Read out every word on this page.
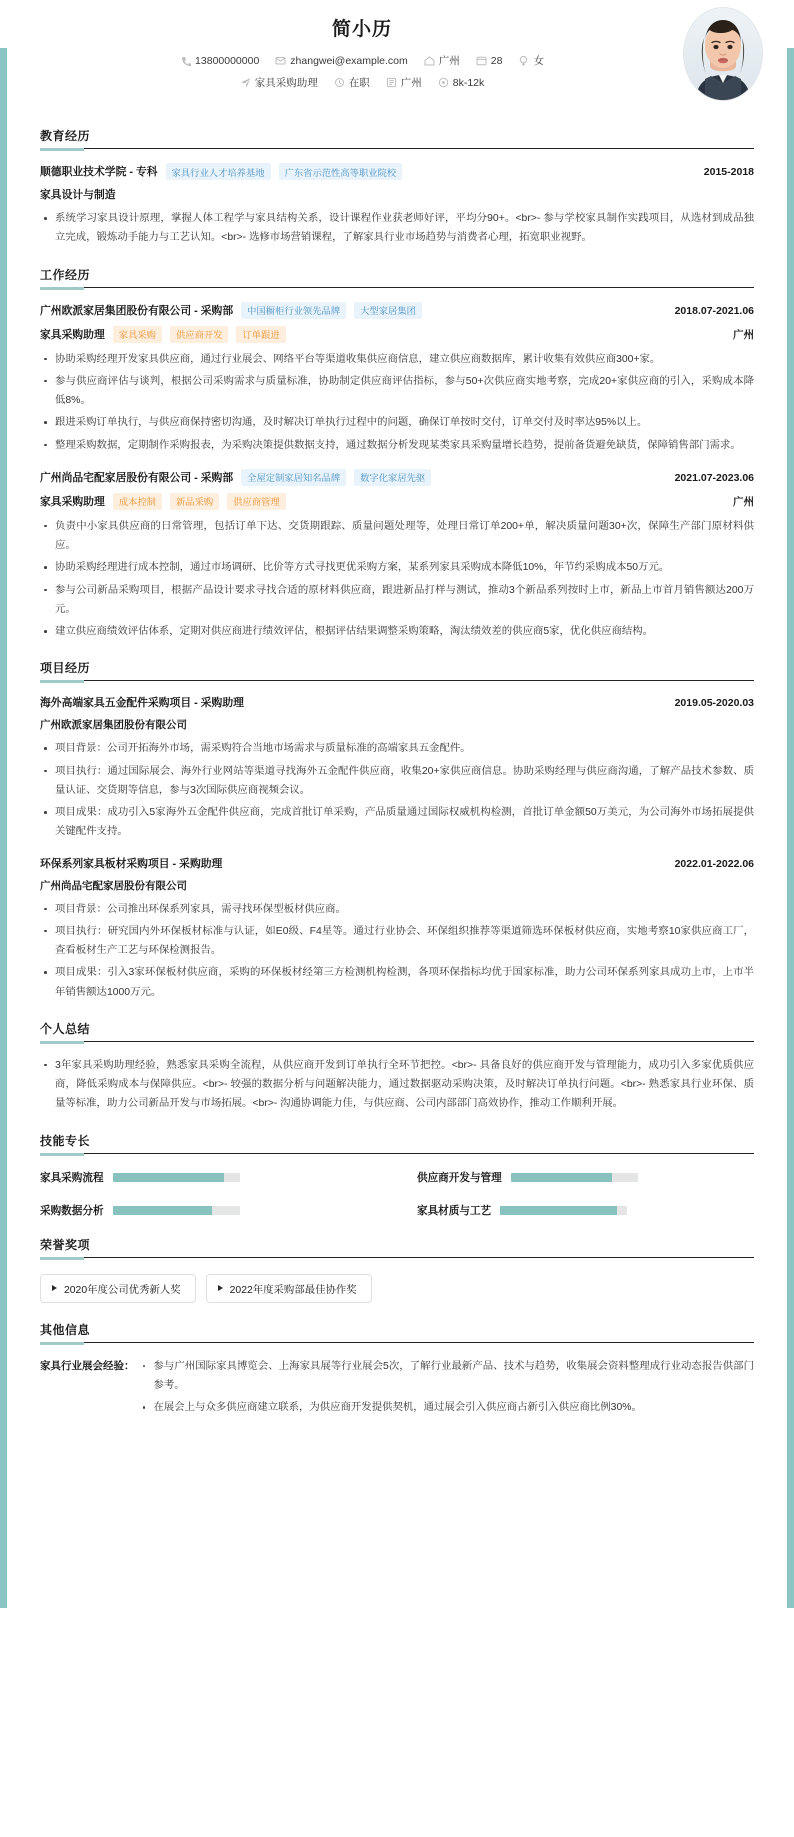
简小历
13800000000	zhangwei@example.com	广州	28	女
家具采购助理	在职	广州	8k-12k
教育经历
顺德职业技术学院 - 专科	家具行业人才培养基地	广东省示范性高等职业院校	2015-2018
家具设计与制造
系统学习家具设计原理，掌握人体工程学与家具结构关系，设计课程作业获老师好评，平均分90+。<br>- 参与学校家具制作实践项目，从选材到成品独立完成，锻炼动手能力与工艺认知。<br>- 选修市场营销课程，了解家具行业市场趋势与消费者心理，拓宽职业视野。
工作经历
广州欧派家居集团股份有限公司 - 采购部	中国橱柜行业领先品牌	大型家居集团	2018.07-2021.06
家具采购助理	家具采购	供应商开发	订单跟进	广州
协助采购经理开发家具供应商，通过行业展会、网络平台等渠道收集供应商信息，建立供应商数据库，累计收集有效供应商300+家。
参与供应商评估与谈判，根据公司采购需求与质量标准，协助制定供应商评估指标，参与50+次供应商实地考察，完成20+家供应商的引入，采购成本降低8%。
跟进采购订单执行，与供应商保持密切沟通，及时解决订单执行过程中的问题，确保订单按时交付，订单交付及时率达95%以上。
整理采购数据，定期制作采购报表，为采购决策提供数据支持，通过数据分析发现某类家具采购量增长趋势，提前备货避免缺货，保障销售部门需求。
广州尚品宅配家居股份有限公司 - 采购部	全屋定制家居知名品牌	数字化家居先驱	2021.07-2023.06
家具采购助理	成本控制	新品采购	供应商管理	广州
负责中小家具供应商的日常管理，包括订单下达、交货期跟踪、质量问题处理等，处理日常订单200+单，解决质量问题30+次，保障生产部门原材料供应。
协助采购经理进行成本控制，通过市场调研、比价等方式寻找更优采购方案，某系列家具采购成本降低10%，年节约采购成本50万元。
参与公司新品采购项目，根据产品设计要求寻找合适的原材料供应商，跟进新品打样与测试，推动3个新品系列按时上市，新品上市首月销售额达200万元。
建立供应商绩效评估体系，定期对供应商进行绩效评估，根据评估结果调整采购策略，淘汰绩效差的供应商5家，优化供应商结构。
项目经历
海外高端家具五金配件采购项目 - 采购助理	2019.05-2020.03
广州欧派家居集团股份有限公司
项目背景：公司开拓海外市场，需采购符合当地市场需求与质量标准的高端家具五金配件。
项目执行：通过国际展会、海外行业网站等渠道寻找海外五金配件供应商，收集20+家供应商信息。协助采购经理与供应商沟通，了解产品技术参数、质量认证、交货期等信息，参与3次国际供应商视频会议。
项目成果：成功引入5家海外五金配件供应商，完成首批订单采购，产品质量通过国际权威机构检测，首批订单金额50万美元，为公司海外市场拓展提供关键配件支持。
环保系列家具板材采购项目 - 采购助理	2022.01-2022.06
广州尚品宅配家居股份有限公司
项目背景：公司推出环保系列家具，需寻找环保型板材供应商。
项目执行：研究国内外环保板材标准与认证，如E0级、F4星等。通过行业协会、环保组织推荐等渠道筛选环保板材供应商，实地考察10家供应商工厂，查看板材生产工艺与环保检测报告。
项目成果：引入3家环保板材供应商，采购的环保板材经第三方检测机构检测，各项环保指标均优于国家标准，助力公司环保系列家具成功上市，上市半年销售额达1000万元。
个人总结
3年家具采购助理经验，熟悉家具采购全流程，从供应商开发到订单执行全环节把控。<br>- 具备良好的供应商开发与管理能力，成功引入多家优质供应商，降低采购成本与保障供应。<br>- 较强的数据分析与问题解决能力，通过数据驱动采购决策，及时解决订单执行问题。<br>- 熟悉家具行业环保、质量等标准，助力公司新品开发与市场拓展。<br>- 沟通协调能力佳，与供应商、公司内部部门高效协作，推动工作顺利开展。
技能专长
家具采购流程	供应商开发与管理
采购数据分析	家具材质与工艺
荣誉奖项
2020年度公司优秀新人奖	2022年度采购部最佳协作奖
其他信息
家具行业展会经验：	参与广州国际家具博览会、上海家具展等行业展会5次，了解行业最新产品、技术与趋势，收集展会资料整理成行业动态报告供部门参考。
在展会上与众多供应商建立联系，为供应商开发提供契机，通过展会引入供应商占新引入供应商比例30%。
